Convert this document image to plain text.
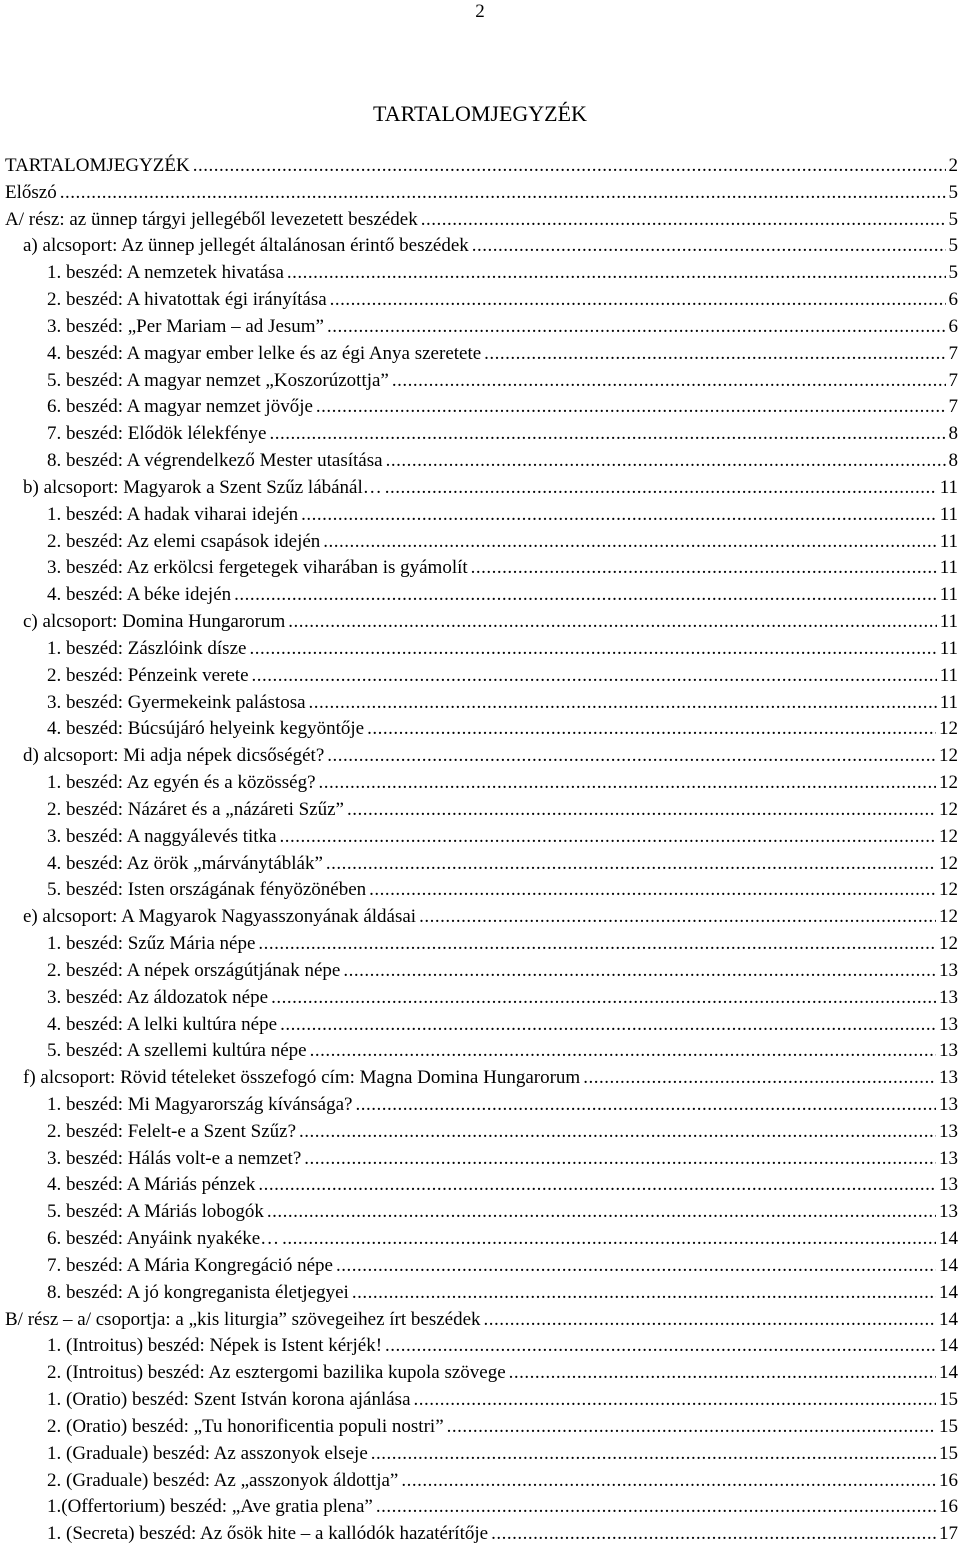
2
TARTALOMJEGYZÉK
TARTALOMJEGYZÉK .....	2
Előszó .....	5
A/ rész: az ünnep tárgyi jellegéből levezetett beszédek .....	5
a) alcsoport: Az ünnep jellegét általánosan érintő beszédek .....	5
1. beszéd: A nemzetek hivatása .....	5
2. beszéd: A hivatottak égi irányítása .....	6
3. beszéd: „Per Mariam – ad Jesum” .....	6
4. beszéd: A magyar ember lelke és az égi Anya szeretete .....	7
5. beszéd: A magyar nemzet „Koszorúzottja” .....	7
6. beszéd: A magyar nemzet jövője .....	7
7. beszéd: Elődök lélekfénye .....	8
8. beszéd: A végrendelkező Mester utasítása .....	8
b) alcsoport: Magyarok a Szent Szűz lábánál… .....	11
1. beszéd: A hadak viharai idején .....	11
2. beszéd: Az elemi csapások idején .....	11
3. beszéd: Az erkölcsi fergetegek viharában is gyámolít .....	11
4. beszéd: A béke idején .....	11
c) alcsoport: Domina Hungarorum .....	11
1. beszéd: Zászlóink dísze .....	11
2. beszéd: Pénzeink verete .....	11
3. beszéd: Gyermekeink palástosa .....	11
4. beszéd: Búcsújáró helyeink kegyöntője .....	12
d) alcsoport: Mi adja népek dicsőségét? .....	12
1. beszéd: Az egyén és a közösség? .....	12
2. beszéd: Názáret és a „názáreti Szűz” .....	12
3. beszéd: A naggyálevés titka .....	12
4. beszéd: Az örök „márványtáblák” .....	12
5. beszéd: Isten országának fényözönében .....	12
e) alcsoport: A Magyarok Nagyasszonyának áldásai .....	12
1. beszéd: Szűz Mária népe .....	12
2. beszéd: A népek országútjának népe .....	13
3. beszéd: Az áldozatok népe .....	13
4. beszéd: A lelki kultúra népe .....	13
5. beszéd: A szellemi kultúra népe .....	13
f) alcsoport: Rövid tételeket összefogó cím: Magna Domina Hungarorum .....	13
1. beszéd: Mi Magyarország kívánsága? .....	13
2. beszéd: Felelt-e a Szent Szűz? .....	13
3. beszéd: Hálás volt-e a nemzet? .....	13
4. beszéd: A Máriás pénzek .....	13
5. beszéd: A Máriás lobogók .....	13
6. beszéd: Anyáink nyakéke… .....	14
7. beszéd: A Mária Kongregáció népe .....	14
8. beszéd: A jó kongreganista életjegyei .....	14
B/ rész – a/ csoportja: a „kis liturgia” szövegeihez írt beszédek .....	14
1. (Introitus) beszéd: Népek is Istent kérjék! .....	14
2. (Introitus) beszéd: Az esztergomi bazilika kupola szövege .....	14
1. (Oratio) beszéd: Szent István korona ajánlása .....	15
2. (Oratio) beszéd: „Tu honorificentia populi nostri” .....	15
1. (Graduale) beszéd: Az asszonyok elseje .....	15
2. (Graduale) beszéd: Az „asszonyok áldottja” .....	16
1.(Offertorium) beszéd: „Ave gratia plena” .....	16
1. (Secreta) beszéd: Az ősök hite – a kallódók hazatérítője .....	17
